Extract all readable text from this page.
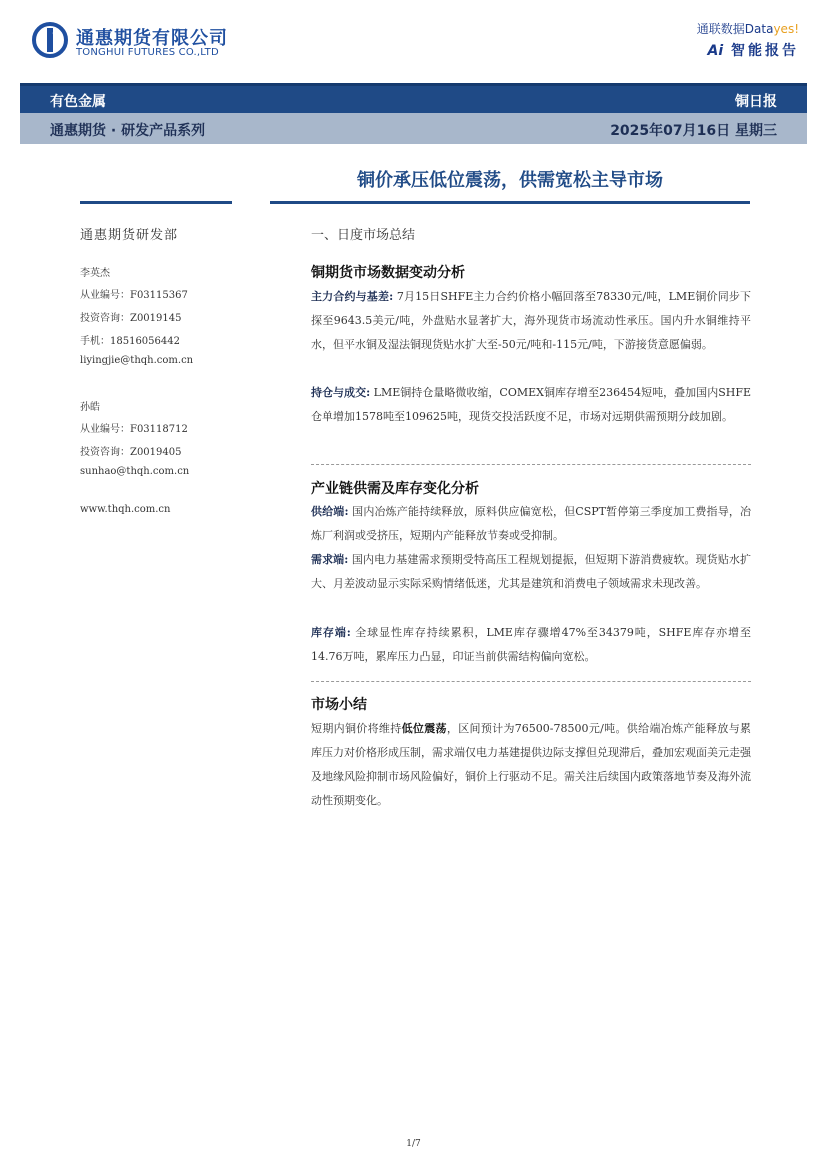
通惠期货有限公司
TONGHUI FUTURES CO.,LTD
通联数据Datayes!
Ai 智能报告
有色金属	铜日报
通惠期货 · 研发产品系列	2025年07月16日 星期三
铜价承压低位震荡，供需宽松主导市场
通惠期货研发部
李英杰
从业编号：F03115367
投资咨询：Z0019145
手机：18516056442
liyingjie@thqh.com.cn
孙皓
从业编号：F03118712
投资咨询：Z0019405
sunhao@thqh.com.cn
www.thqh.com.cn
一、日度市场总结
铜期货市场数据变动分析
主力合约与基差: 7月15日SHFE主力合约价格小幅回落至78330元/吨，LME铜价同步下探至9643.5美元/吨，外盘贴水显著扩大，海外现货市场流动性承压。国内升水铜维持平水，但平水铜及湿法铜现货贴水扩大至-50元/吨和-115元/吨，下游接货意愿偏弱。
持仓与成交: LME铜持仓量略微收缩，COMEX铜库存增至236454短吨，叠加国内SHFE仓单增加1578吨至109625吨，现货交投活跃度不足，市场对远期供需预期分歧加剧。
产业链供需及库存变化分析
供给端: 国内冶炼产能持续释放，原料供应偏宽松，但CSPT暂停第三季度加工费指导，冶炼厂利润或受挤压，短期内产能释放节奏或受抑制。
需求端: 国内电力基建需求预期受特高压工程规划提振，但短期下游消费疲软。现货贴水扩大、月差波动显示实际采购情绪低迷，尤其是建筑和消费电子领域需求未现改善。
库存端: 全球显性库存持续累积，LME库存骤增47%至34379吨，SHFE库存亦增至14.76万吨，累库压力凸显，印证当前供需结构偏向宽松。
市场小结
短期内铜价将维持低位震荡，区间预计为76500-78500元/吨。供给端冶炼产能释放与累库压力对价格形成压制，需求端仅电力基建提供边际支撑但兑现滞后，叠加宏观面美元走强及地缘风险抑制市场风险偏好，铜价上行驱动不足。需关注后续国内政策落地节奏及海外流动性预期变化。
1/7
